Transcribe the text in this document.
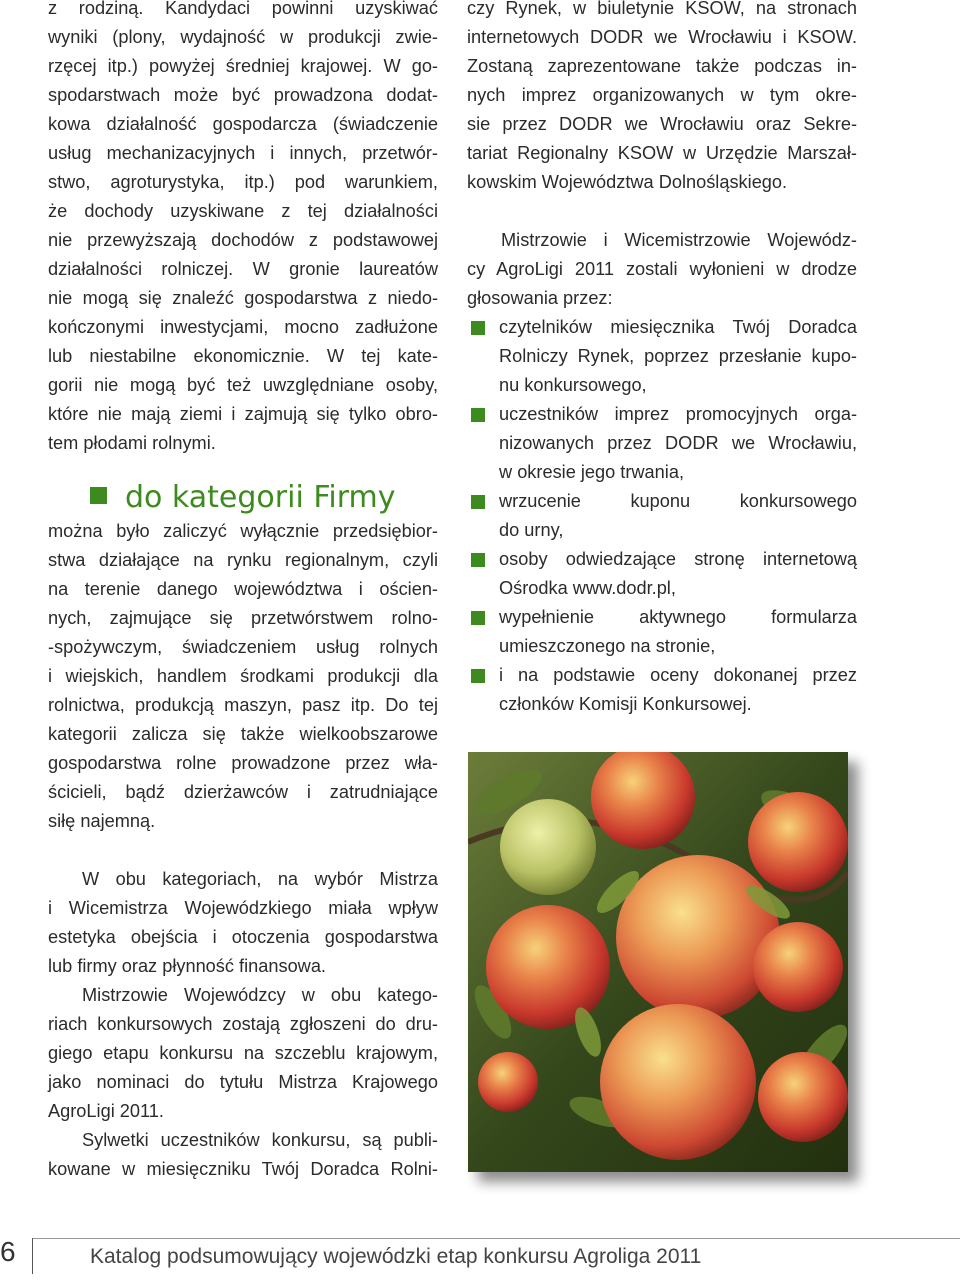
z rodziną. Kandydaci powinni uzyskiwać
wyniki (plony, wydajność w produkcji zwie-
rzęcej itp.) powyżej średniej krajowej. W go-
spodarstwach może być prowadzona dodat-
kowa działalność gospodarcza (świadczenie
usług mechanizacyjnych i innych, przetwór-
stwo, agroturystyka, itp.) pod warunkiem,
że dochody uzyskiwane z tej działalności
nie przewyższają dochodów z podstawowej
działalności rolniczej. W gronie laureatów
nie mogą się znaleźć gospodarstwa z niedo-
kończonymi inwestycjami, mocno zadłużone
lub niestabilne ekonomicznie. W tej kate-
gorii nie mogą być też uwzględniane osoby,
które nie mają ziemi i zajmują się tylko obro-
tem płodami rolnymi.
do kategorii Firmy
można było zaliczyć wyłącznie przedsiębior-
stwa działające na rynku regionalnym, czyli
na terenie danego województwa i ościen-
nych, zajmujące się przetwórstwem rolno-
-spożywczym, świadczeniem usług rolnych
i wiejskich, handlem środkami produkcji dla
rolnictwa, produkcją maszyn, pasz itp. Do tej
kategorii zalicza się także wielkoobszarowe
gospodarstwa rolne prowadzone przez wła-
ścicieli, bądź dzierżawców i zatrudniające
siłę najemną.
W obu kategoriach, na wybór Mistrza
i Wicemistrza Wojewódzkiego miała wpływ
estetyka obejścia i otoczenia gospodarstwa
lub firmy oraz płynność finansowa.
Mistrzowie Wojewódzcy w obu katego-
riach konkursowych zostają zgłoszeni do dru-
giego etapu konkursu na szczeblu krajowym,
jako nominaci do tytułu Mistrza Krajowego
AgroLigi 2011.
Sylwetki uczestników konkursu, są publi-
kowane w miesięczniku Twój Doradca Rolni-
czy Rynek, w biuletynie KSOW, na stronach
internetowych DODR we Wrocławiu i KSOW.
Zostaną zaprezentowane także podczas in-
nych imprez organizowanych w tym okre-
sie przez DODR we Wrocławiu oraz Sekre-
tariat Regionalny KSOW w Urzędzie Marszał-
kowskim Województwa Dolnośląskiego.
Mistrzowie i Wicemistrzowie Wojewódz-
cy AgroLigi 2011 zostali wyłonieni w drodze
głosowania przez:
czytelników miesięcznika Twój Doradca
Rolniczy Rynek, poprzez przesłanie kupo-
nu konkursowego,
uczestników imprez promocyjnych orga-
nizowanych przez DODR we Wrocławiu,
w okresie jego trwania,
wrzucenie kuponu konkursowego
do urny,
osoby odwiedzające stronę internetową
Ośrodka www.dodr.pl,
wypełnienie aktywnego formularza
umieszczonego na stronie,
i na podstawie oceny dokonanej przez
członków Komisji Konkursowej.
6	Katalog podsumowujący wojewódzki etap konkursu Agroliga 2011
